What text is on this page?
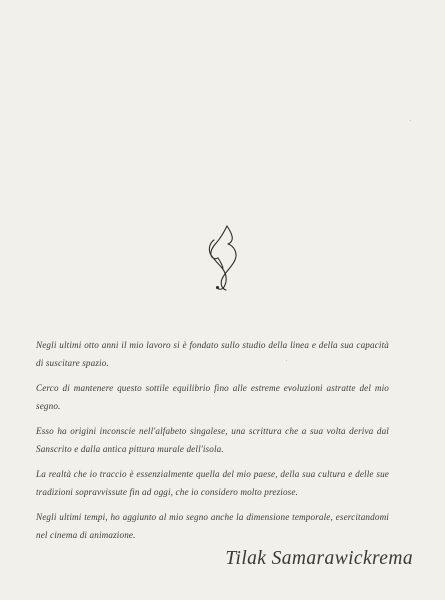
Negli ultimi otto anni il mio lavoro si è fondato sullo studio della linea e della sua capacità di suscitare spazio.

Cerco di mantenere questo sottile equilibrio fino alle estreme evoluzioni astratte del mio segno.

Esso ha origini inconscie nell'alfabeto singalese, una scrittura che a sua volta deriva dal Sanscrito e dalla antica pittura murale dell'isola.

La realtà che io traccio è essenzialmente quella del mio paese, della sua cultura e delle sue tradizioni sopravvissute fin ad oggi, che io considero molto preziose.

Negli ultimi tempi, ho aggiunto al mio segno anche la dimensione temporale, esercitandomi nel cinema di animazione.

Tilak Samarawickrema
